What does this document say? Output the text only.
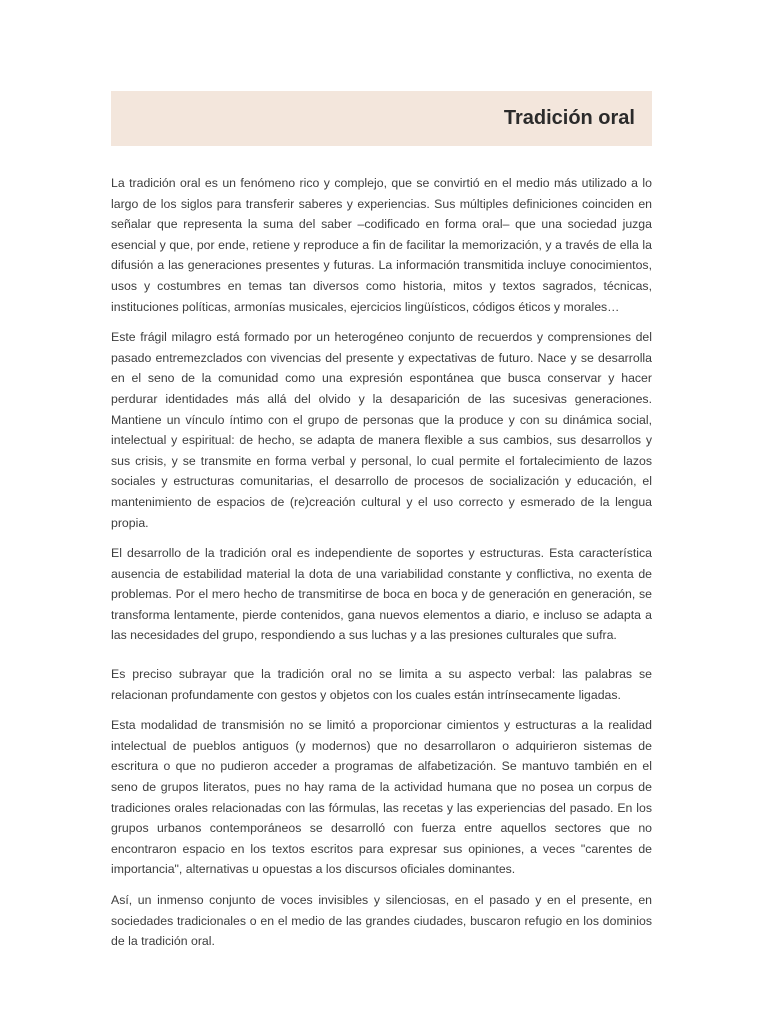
Tradición oral

La tradición oral es un fenómeno rico y complejo, que se convirtió en el medio más utilizado a lo largo de los siglos para transferir saberes y experiencias. Sus múltiples definiciones coinciden en señalar que representa la suma del saber –codificado en forma oral– que una sociedad juzga esencial y que, por ende, retiene y reproduce a fin de facilitar la memorización, y a través de ella la difusión a las generaciones presentes y futuras. La información transmitida incluye conocimientos, usos y costumbres en temas tan diversos como historia, mitos y textos sagrados, técnicas, instituciones políticas, armonías musicales, ejercicios lingüísticos, códigos éticos y morales…

Este frágil milagro está formado por un heterogéneo conjunto de recuerdos y comprensiones del pasado entremezclados con vivencias del presente y expectativas de futuro. Nace y se desarrolla en el seno de la comunidad como una expresión espontánea que busca conservar y hacer perdurar identidades más allá del olvido y la desaparición de las sucesivas generaciones. Mantiene un vínculo íntimo con el grupo de personas que la produce y con su dinámica social, intelectual y espiritual: de hecho, se adapta de manera flexible a sus cambios, sus desarrollos y sus crisis, y se transmite en forma verbal y personal, lo cual permite el fortalecimiento de lazos sociales y estructuras comunitarias, el desarrollo de procesos de socialización y educación, el mantenimiento de espacios de (re)creación cultural y el uso correcto y esmerado de la lengua propia.

El desarrollo de la tradición oral es independiente de soportes y estructuras. Esta característica ausencia de estabilidad material la dota de una variabilidad constante y conflictiva, no exenta de problemas. Por el mero hecho de transmitirse de boca en boca y de generación en generación, se transforma lentamente, pierde contenidos, gana nuevos elementos a diario, e incluso se adapta a las necesidades del grupo, respondiendo a sus luchas y a las presiones culturales que sufra.

Es preciso subrayar que la tradición oral no se limita a su aspecto verbal: las palabras se relacionan profundamente con gestos y objetos con los cuales están intrínsecamente ligadas.

Esta modalidad de transmisión no se limitó a proporcionar cimientos y estructuras a la realidad intelectual de pueblos antiguos (y modernos) que no desarrollaron o adquirieron sistemas de escritura o que no pudieron acceder a programas de alfabetización. Se mantuvo también en el seno de grupos literatos, pues no hay rama de la actividad humana que no posea un corpus de tradiciones orales relacionadas con las fórmulas, las recetas y las experiencias del pasado. En los grupos urbanos contemporáneos se desarrolló con fuerza entre aquellos sectores que no encontraron espacio en los textos escritos para expresar sus opiniones, a veces "carentes de importancia", alternativas u opuestas a los discursos oficiales dominantes.

Así, un inmenso conjunto de voces invisibles y silenciosas, en el pasado y en el presente, en sociedades tradicionales o en el medio de las grandes ciudades, buscaron refugio en los dominios de la tradición oral.
